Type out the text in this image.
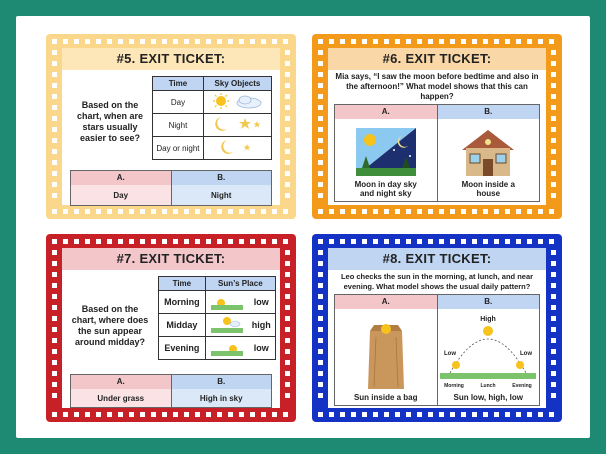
#5. EXIT TICKET:
Based on the chart, when are stars usually easier to see?
Time	Sky Objects
Day	
Night	
Day or night	
A.
Day
B.
Night
#6. EXIT TICKET:
Mia says, “I saw the moon before bedtime and also in the afternoon!” What model shows that this can happen?
A.
Moon in day sky and night sky
B.
Moon inside a house
#7. EXIT TICKET:
Based on the chart, where does the sun appear around midday?
Time	Sun’s Place	
Morning		low
Midday		high
Evening		low
A.
Under grass
B.
High in sky
#8. EXIT TICKET:
Leo checks the sun in the morning, at lunch, and near evening. What model shows the usual daily pattern?
A.
Sun inside a bag
B.
High
Low	Low
Morning	Lunch	Evening
Sun low, high, low
